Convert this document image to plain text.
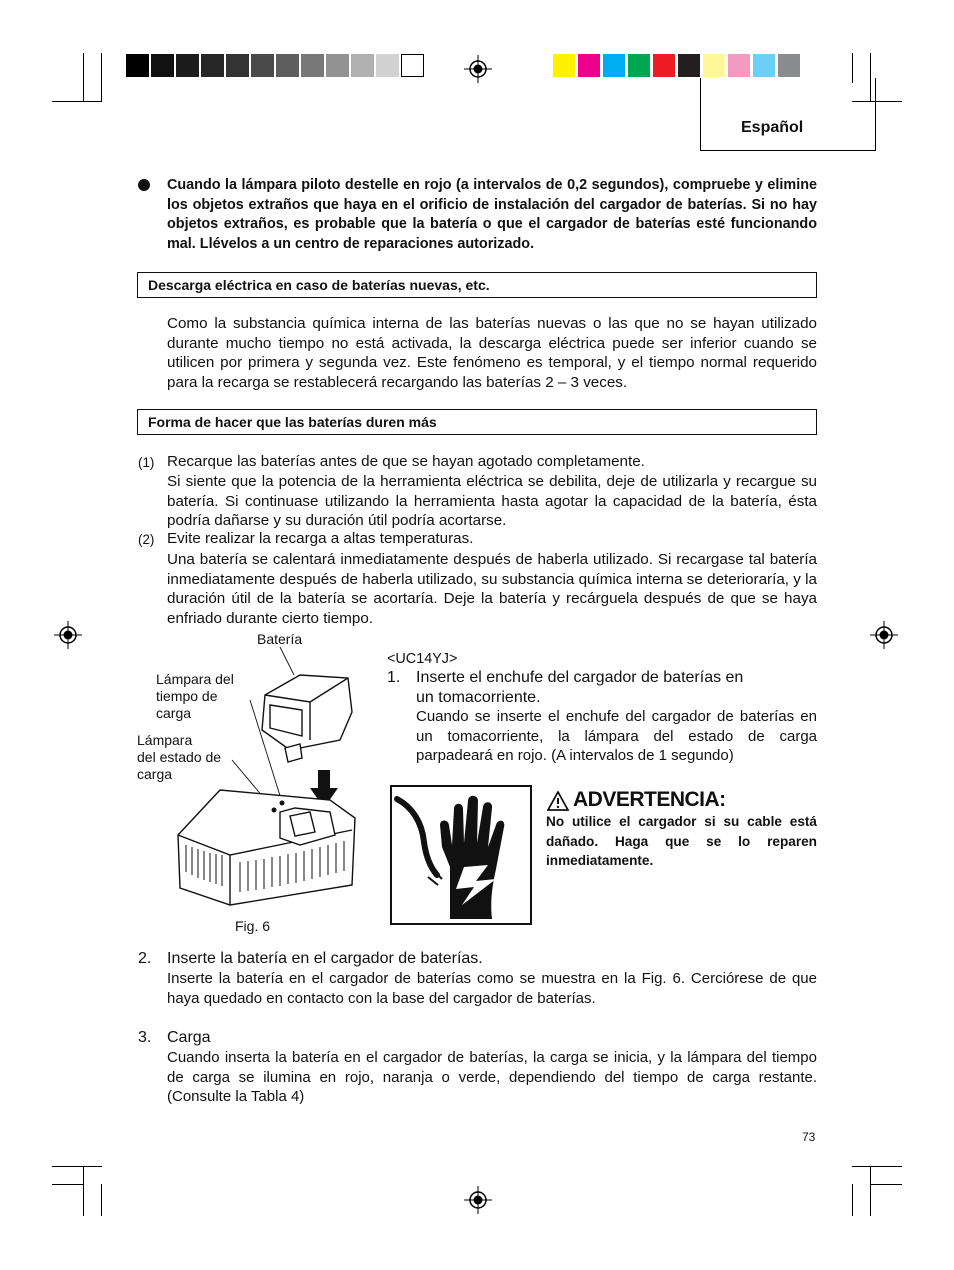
Español
Cuando la lámpara piloto destelle en rojo (a intervalos de 0,2 segundos), compruebe y elimine los objetos extraños que haya en el orificio de instalación del cargador de baterías. Si no hay objetos extraños, es probable que la batería o que el cargador de baterías esté funcionando mal. Llévelos a un centro de reparaciones autorizado.
Descarga eléctrica en caso de baterías nuevas, etc.
Como la substancia química interna de las baterías nuevas o las que no se hayan utilizado durante mucho tiempo no está activada, la descarga eléctrica puede ser inferior cuando se utilicen por primera y segunda vez. Este fenómeno es temporal, y el tiempo normal requerido para la recarga se restablecerá recargando las baterías 2 – 3 veces.
Forma de hacer que las baterías duren más
(1) Recarque las baterías antes de que se hayan agotado completamente.
Si siente que la potencia de la herramienta eléctrica se debilita, deje de utilizarla y recargue su batería. Si continuase utilizando la herramienta hasta agotar la capacidad de la batería, ésta podría dañarse y su duración útil podría acortarse.
(2) Evite realizar la recarga a altas temperaturas.
Una batería se calentará inmediatamente después de haberla utilizado. Si recargase tal batería inmediatamente después de haberla utilizado, su substancia química interna se deterioraría, y la duración útil de la batería se acortaría. Deje la batería y recárguela después de que se haya enfriado durante cierto tiempo.
Batería
Lámpara del
tiempo de
carga
Lámpara
del estado de
carga
Fig. 6
<UC14YJ>
1. Inserte el enchufe del cargador de baterías en
un tomacorriente.
Cuando se inserte el enchufe del cargador de baterías en un tomacorriente, la lámpara del estado de carga parpadeará en rojo. (A intervalos de 1 segundo)
ADVERTENCIA:
No utilice el cargador si su cable está dañado. Haga que se lo reparen inmediatamente.
2. Inserte la batería en el cargador de baterías.
Inserte la batería en el cargador de baterías como se muestra en la Fig. 6. Cerciórese de que haya quedado en contacto con la base del cargador de baterías.
3. Carga
Cuando inserta la batería en el cargador de baterías, la carga se inicia, y la lámpara del tiempo de carga se ilumina en rojo, naranja o verde, dependiendo del tiempo de carga restante. (Consulte la Tabla 4)
73
